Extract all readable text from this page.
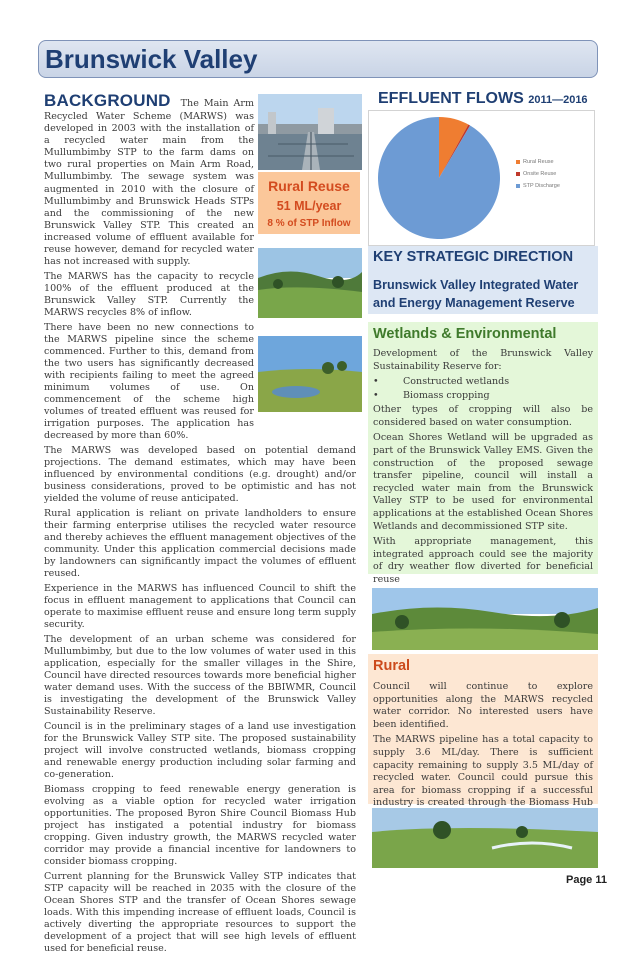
Brunswick Valley

BACKGROUND The Main Arm Recycled Water Scheme (MARWS) was developed in 2003 with the installation of a recycled water main from the Mullumbimby STP to the farm dams on two rural properties on Main Arm Road, Mullumbimby. The sewage system was augmented in 2010 with the closure of Mullumbimby and Brunswick Heads STPs and the commissioning of the new Brunswick Valley STP. This created an increased volume of effluent available for reuse however, demand for recycled water has not increased with supply.

The MARWS has the capacity to recycle 100% of the effluent produced at the Brunswick Valley STP. Currently the MARWS recycles 8% of inflow.

There have been no new connections to the MARWS pipeline since the scheme commenced. Further to this, demand from the two users has significantly decreased with recipients failing to meet the agreed minimum volumes of use. On commencement of the scheme high volumes of treated effluent was reused for irrigation purposes. The application has decreased by more than 60%.

The MARWS was developed based on potential demand projections. The demand estimates, which may have been influenced by environmental conditions (e.g. drought) and/or business considerations, proved to be optimistic and has not yielded the volume of reuse anticipated.

Rural application is reliant on private landholders to ensure their farming enterprise utilises the recycled water resource and thereby achieves the effluent management objectives of the community. Under this application commercial decisions made by landowners can significantly impact the volumes of effluent reused.

Experience in the MARWS has influenced Council to shift the focus in effluent management to applications that Council can operate to maximise effluent reuse and ensure long term supply security.

The development of an urban scheme was considered for Mullumbimby, but due to the low volumes of water used in this application, especially for the smaller villages in the Shire, Council have directed resources towards more beneficial higher water demand uses. With the success of the BBIWMR, Council is investigating the development of the Brunswick Valley Sustainability Reserve.

Council is in the preliminary stages of a land use investigation for the Brunswick Valley STP site. The proposed sustainability project will involve constructed wetlands, biomass cropping and renewable energy production including solar farming and co-generation.

Biomass cropping to feed renewable energy generation is evolving as a viable option for recycled water irrigation opportunities. The proposed Byron Shire Council Biomass Hub project has instigated a potential industry for biomass cropping. Given industry growth, the MARWS recycled water corridor may provide a financial incentive for landowners to consider biomass cropping.

Current planning for the Brunswick Valley STP indicates that STP capacity will be reached in 2035 with the closure of the Ocean Shores STP and the transfer of Ocean Shores sewage loads. With this impending increase of effluent loads, Council is actively diverting the appropriate resources to support the development of a project that will see high levels of effluent used for beneficial reuse.

Rural Reuse
51 ML/year
8 % of STP Inflow
EFFLUENT FLOWS 2011—2016
Rural Reuse
Onsite Reuse
STP Discharge
KEY STRATEGIC DIRECTION
Brunswick Valley Integrated Water
and Energy Management Reserve
Wetlands & Environmental

Development of the Brunswick Valley Sustainability Reserve for:

•	Constructed wetlands
•	Biomass cropping

Other types of cropping will also be considered based on water consumption.

Ocean Shores Wetland will be upgraded as part of the Brunswick Valley EMS. Given the construction of the proposed sewage transfer pipeline, council will install a recycled water main from the Brunswick Valley STP to be used for environmental applications at the established Ocean Shores Wetlands and decommissioned STP site.

With appropriate management, this integrated approach could see the majority of dry weather flow diverted for beneficial reuse

Rural

Council will continue to explore opportunities along the MARWS recycled water corridor. No interested users have been identified.

The MARWS pipeline has a total capacity to supply 3.6 ML/day. There is sufficient capacity remaining to supply 3.5 ML/day of recycled water. Council could pursue this area for biomass cropping if a successful industry is created through the Biomass Hub

Page 11
